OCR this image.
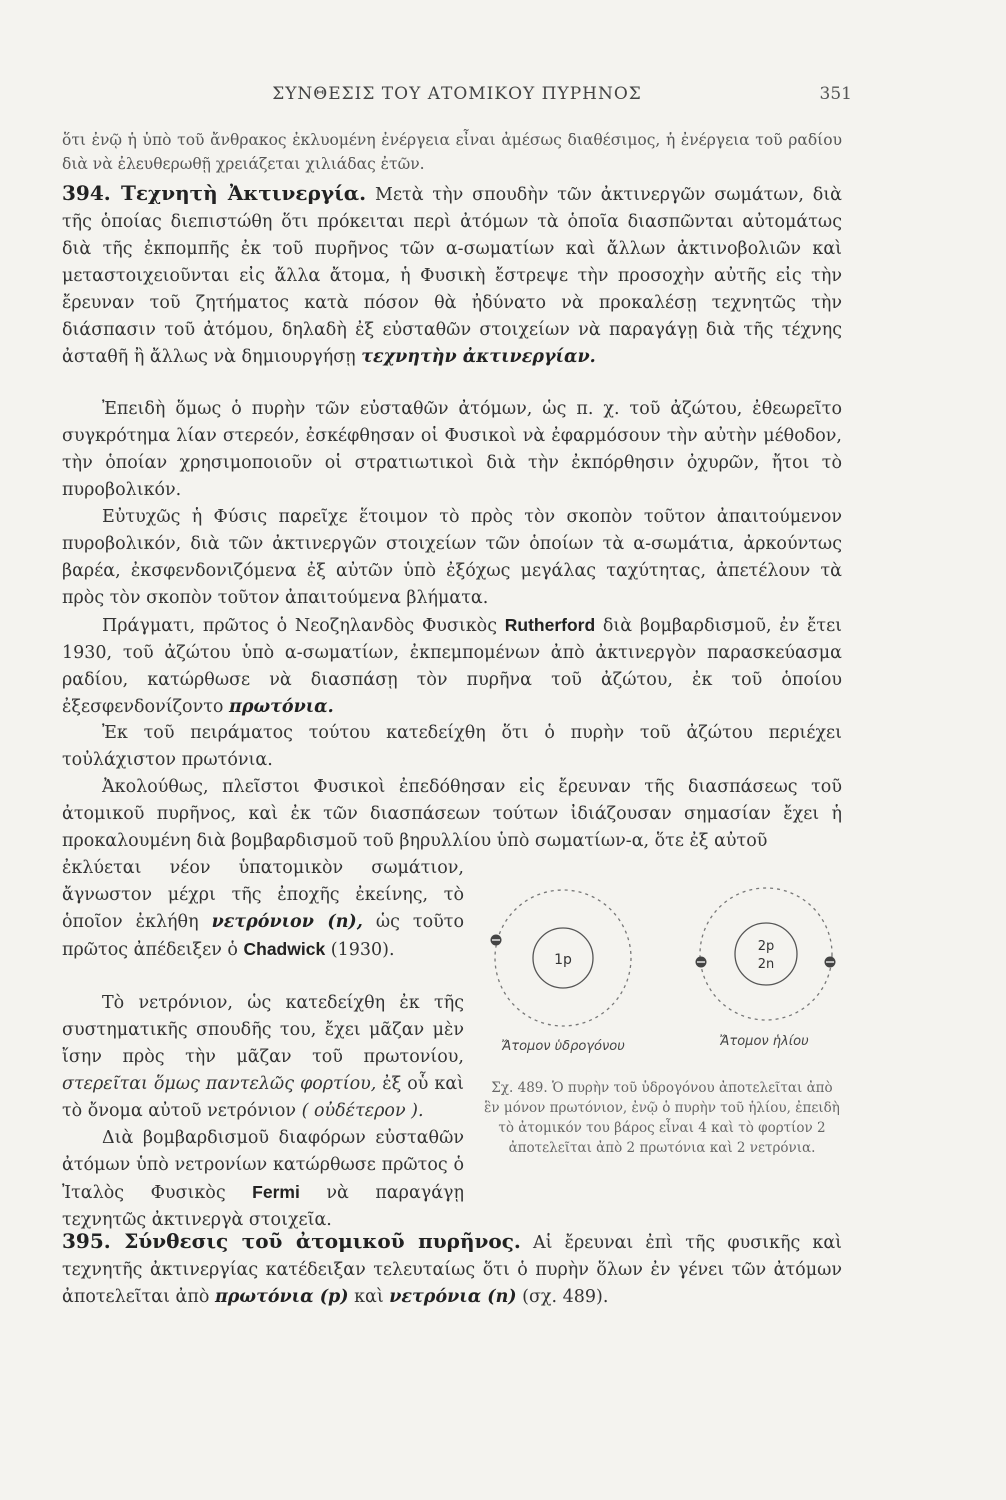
ΣΥΝΘΕΣΙΣ ΤΟΥ ΑΤΟΜΙΚΟΥ ΠΥΡΗΝΟΣ	351
ὅτι ἐνῷ ἡ ὑπὸ τοῦ ἄνθρακος ἐκλυομένη ἐνέργεια εἶναι ἀμέσως διαθέσιμος, ἡ ἐνέργεια τοῦ ραδίου διὰ νὰ ἐλευθερωθῇ χρειάζεται χιλιάδας ἐτῶν.
394. Τεχνητὴ Ἀκτινεργία. Μετὰ τὴν σπουδὴν τῶν ἀκτινεργῶν σωμάτων, διὰ τῆς ὁποίας διεπιστώθη ὅτι πρόκειται περὶ ἀτόμων τὰ ὁποῖα διασπῶνται αὐτομάτως διὰ τῆς ἐκπομπῆς ἐκ τοῦ πυρῆνος τῶν α-σωματίων καὶ ἄλλων ἀκτινοβολιῶν καὶ μεταστοιχειοῦνται εἰς ἄλλα ἄτομα, ἡ Φυσικὴ ἔστρεψε τὴν προσοχὴν αὐτῆς εἰς τὴν ἔρευναν τοῦ ζητήματος κατὰ πόσον θὰ ἠδύνατο νὰ προκαλέσῃ τεχνητῶς τὴν διάσπασιν τοῦ ἀτόμου, δηλαδὴ ἐξ εὐσταθῶν στοιχείων νὰ παραγάγῃ διὰ τῆς τέχνης ἀσταθῆ ἢ ἄλλως νὰ δημιουργήσῃ τεχνητὴν ἀκτινεργίαν.
Ἐπειδὴ ὅμως ὁ πυρὴν τῶν εὐσταθῶν ἀτόμων, ὡς π. χ. τοῦ ἀζώτου, ἐθεωρεῖτο συγκρότημα λίαν στερεόν, ἐσκέφθησαν οἱ Φυσικοὶ νὰ ἐφαρμόσουν τὴν αὐτὴν μέθοδον, τὴν ὁποίαν χρησιμοποιοῦν οἱ στρατιωτικοὶ διὰ τὴν ἐκπόρθησιν ὀχυρῶν, ἤτοι τὸ πυροβολικόν.
Εὐτυχῶς ἡ Φύσις παρεῖχε ἕτοιμον τὸ πρὸς τὸν σκοπὸν τοῦτον ἀπαιτούμενον πυροβολικόν, διὰ τῶν ἀκτινεργῶν στοιχείων τῶν ὁποίων τὰ α-σωμάτια, ἀρκούντως βαρέα, ἐκσφενδονιζόμενα ἐξ αὐτῶν ὑπὸ ἐξόχως μεγάλας ταχύτητας, ἀπετέλουν τὰ πρὸς τὸν σκοπὸν τοῦτον ἀπαιτούμενα βλήματα.
Πράγματι, πρῶτος ὁ Νεοζηλανδὸς Φυσικὸς Rutherford διὰ βομβαρδισμοῦ, ἐν ἔτει 1930, τοῦ ἀζώτου ὑπὸ α-σωματίων, ἐκπεμπομένων ἀπὸ ἀκτινεργὸν παρασκεύασμα ραδίου, κατώρθωσε νὰ διασπάσῃ τὸν πυρῆνα τοῦ ἀζώτου, ἐκ τοῦ ὁποίου ἐξεσφενδονίζοντο πρωτόνια.
Ἐκ τοῦ πειράματος τούτου κατεδείχθη ὅτι ὁ πυρὴν τοῦ ἀζώτου περιέχει τοὐλάχιστον πρωτόνια.
Ἀκολούθως, πλεῖστοι Φυσικοὶ ἐπεδόθησαν εἰς ἔρευναν τῆς διασπάσεως τοῦ ἀτομικοῦ πυρῆνος, καὶ ἐκ τῶν διασπάσεων τούτων ἰδιάζουσαν σημασίαν ἔχει ἡ προκαλουμένη διὰ βομβαρδισμοῦ τοῦ βηρυλλίου ὑπὸ σωματίων-α, ὅτε ἐξ αὐτοῦ
ἐκλύεται νέον ὑπατομικὸν σωμάτιον, ἄγνωστον μέχρι τῆς ἐποχῆς ἐκείνης, τὸ ὁποῖον ἐκλήθη νετρόνιον (n), ὡς τοῦτο πρῶτος ἀπέδειξεν ὁ Chadwick (1930).
Τὸ νετρόνιον, ὡς κατεδείχθη ἐκ τῆς συστηματικῆς σπουδῆς του, ἔχει μᾶζαν μὲν ἴσην πρὸς τὴν μᾶζαν τοῦ πρωτονίου, στερεῖται ὅμως παντελῶς φορτίου, ἐξ οὗ καὶ τὸ ὄνομα αὐτοῦ νετρόνιον ( οὐδέτερον ).
Διὰ βομβαρδισμοῦ διαφόρων εὐσταθῶν ἀτόμων ὑπὸ νετρονίων κατώρθωσε πρῶτος ὁ Ἰταλὸς Φυσικὸς Fermi νὰ παραγάγῃ τεχνητῶς ἀκτινεργὰ στοιχεῖα.
1p
Ἄτομον ὑδρογόνου
2p
2n
Ἄτομον ἡλίου
Σχ. 489. Ὁ πυρὴν τοῦ ὑδρογόνου ἀποτελεῖται ἀπὸ ἓν μόνον πρωτόνιον, ἐνῷ ὁ πυρὴν τοῦ ἡλίου, ἐπειδὴ τὸ ἀτομικόν του βάρος εἶναι 4 καὶ τὸ φορτίον 2 ἀποτελεῖται ἀπὸ 2 πρωτόνια καὶ 2 νετρόνια.
395. Σύνθεσις τοῦ ἀτομικοῦ πυρῆνος. Αἱ ἔρευναι ἐπὶ τῆς φυσικῆς καὶ τεχνητῆς ἀκτινεργίας κατέδειξαν τελευταίως ὅτι ὁ πυρὴν ὅλων ἐν γένει τῶν ἀτόμων ἀποτελεῖται ἀπὸ πρωτόνια (p) καὶ νετρόνια (n) (σχ. 489).
